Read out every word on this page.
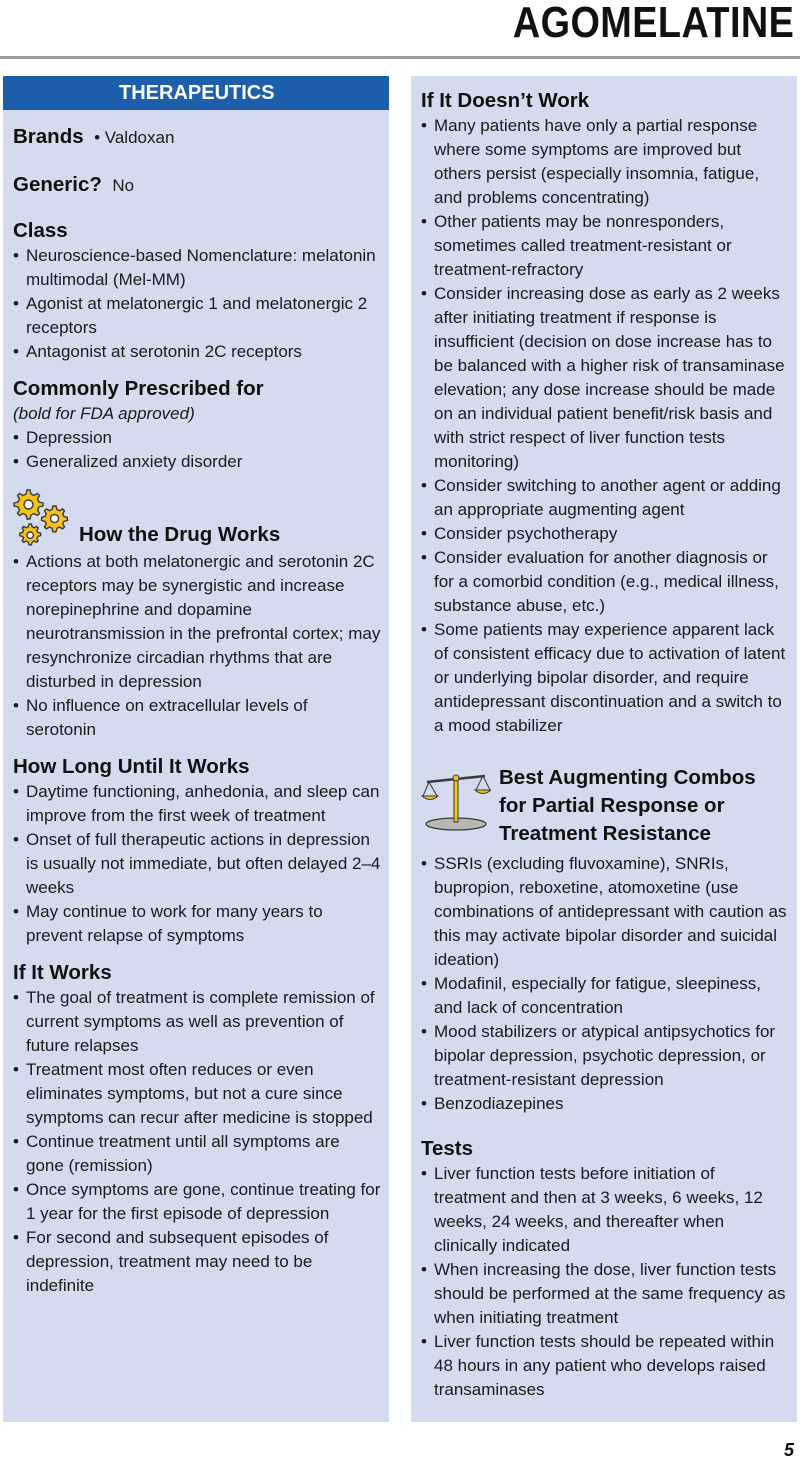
AGOMELATINE
THERAPEUTICS
Brands • Valdoxan
Generic? No
Class
• Neuroscience-based Nomenclature: melatonin multimodal (Mel-MM)
• Agonist at melatonergic 1 and melatonergic 2 receptors
• Antagonist at serotonin 2C receptors
Commonly Prescribed for
(bold for FDA approved)
• Depression
• Generalized anxiety disorder
How the Drug Works
• Actions at both melatonergic and serotonin 2C receptors may be synergistic and increase norepinephrine and dopamine neurotransmission in the prefrontal cortex; may resynchronize circadian rhythms that are disturbed in depression
• No influence on extracellular levels of serotonin
How Long Until It Works
• Daytime functioning, anhedonia, and sleep can improve from the first week of treatment
• Onset of full therapeutic actions in depression is usually not immediate, but often delayed 2–4 weeks
• May continue to work for many years to prevent relapse of symptoms
If It Works
• The goal of treatment is complete remission of current symptoms as well as prevention of future relapses
• Treatment most often reduces or even eliminates symptoms, but not a cure since symptoms can recur after medicine is stopped
• Continue treatment until all symptoms are gone (remission)
• Once symptoms are gone, continue treating for 1 year for the first episode of depression
• For second and subsequent episodes of depression, treatment may need to be indefinite
If It Doesn’t Work
• Many patients have only a partial response where some symptoms are improved but others persist (especially insomnia, fatigue, and problems concentrating)
• Other patients may be nonresponders, sometimes called treatment-resistant or treatment-refractory
• Consider increasing dose as early as 2 weeks after initiating treatment if response is insufficient (decision on dose increase has to be balanced with a higher risk of transaminase elevation; any dose increase should be made on an individual patient benefit/risk basis and with strict respect of liver function tests monitoring)
• Consider switching to another agent or adding an appropriate augmenting agent
• Consider psychotherapy
• Consider evaluation for another diagnosis or for a comorbid condition (e.g., medical illness, substance abuse, etc.)
• Some patients may experience apparent lack of consistent efficacy due to activation of latent or underlying bipolar disorder, and require antidepressant discontinuation and a switch to a mood stabilizer
Best Augmenting Combos
for Partial Response or
Treatment Resistance
• SSRIs (excluding fluvoxamine), SNRIs, bupropion, reboxetine, atomoxetine (use combinations of antidepressant with caution as this may activate bipolar disorder and suicidal ideation)
• Modafinil, especially for fatigue, sleepiness, and lack of concentration
• Mood stabilizers or atypical antipsychotics for bipolar depression, psychotic depression, or treatment-resistant depression
• Benzodiazepines
Tests
• Liver function tests before initiation of treatment and then at 3 weeks, 6 weeks, 12 weeks, 24 weeks, and thereafter when clinically indicated
• When increasing the dose, liver function tests should be performed at the same frequency as when initiating treatment
• Liver function tests should be repeated within 48 hours in any patient who develops raised transaminases
5
